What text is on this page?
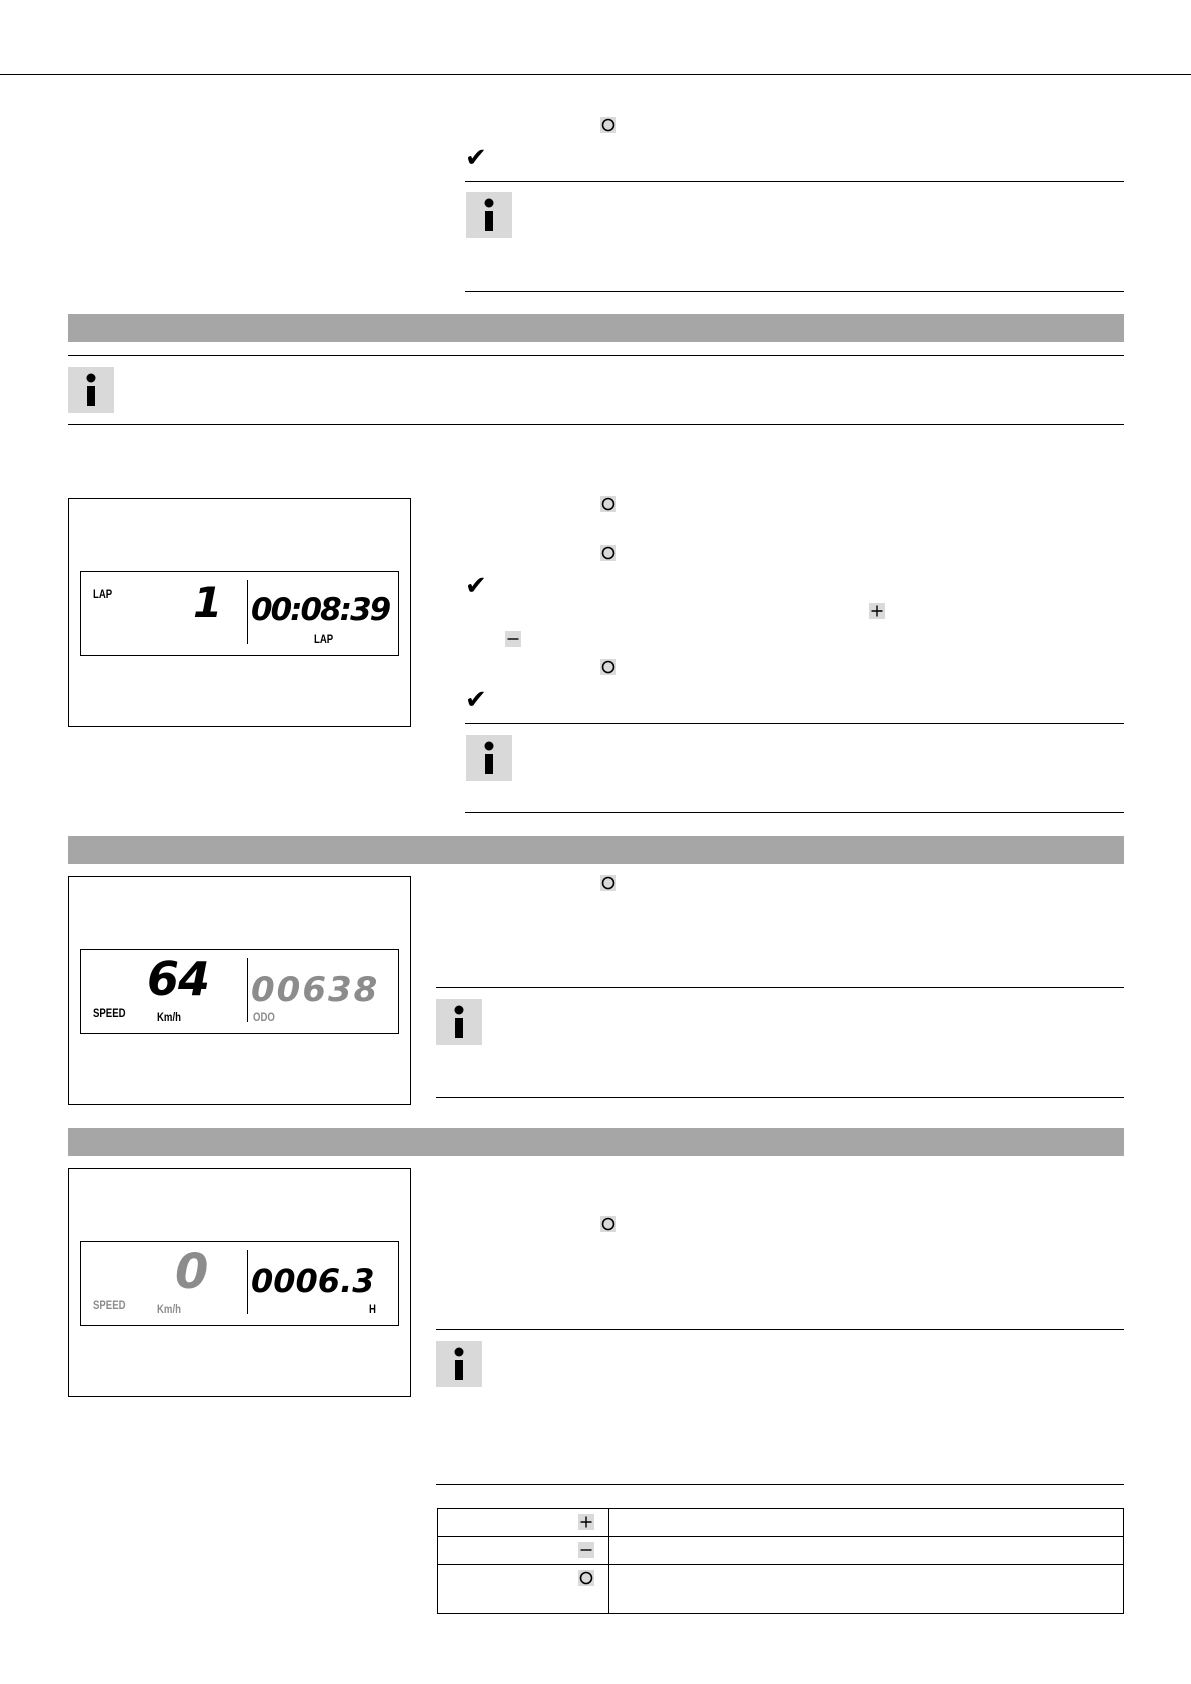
✔
LAP 1 00:08:39
LAP
✔
✔
SPEED
64
Km/h
00638
ODO
SPEED
0
Km/h
0006.3
H
